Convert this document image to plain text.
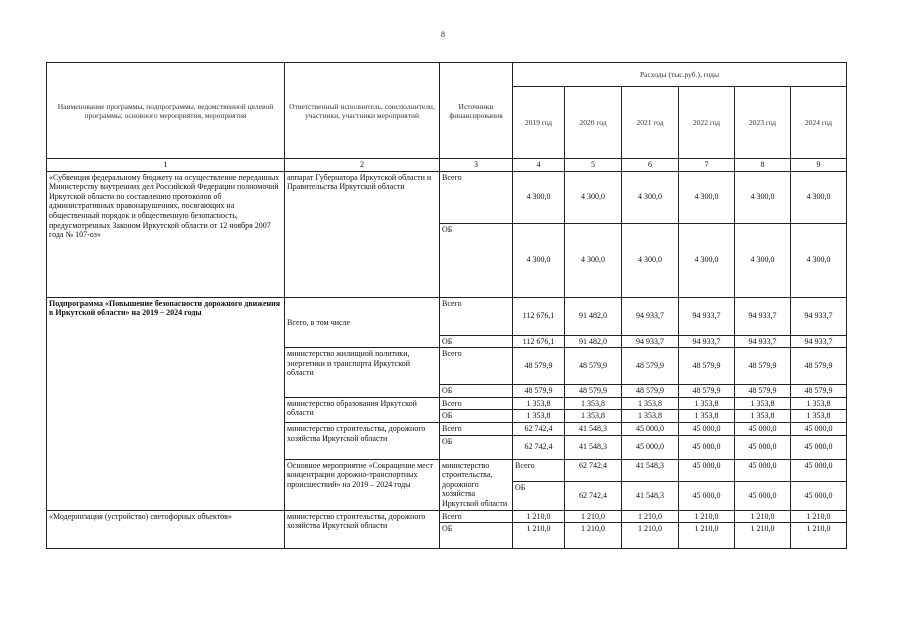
8
Наименование программы, подпрограммы, ведомственной целевой программы, основного мероприятия, мероприятия	Ответственный исполнитель, соисполнители, участники, участники мероприятий	Источники финансирования	Расходы (тыс.руб.), годы						
			2019 год	2020 год	2021 год	2022 год	2023 год	2024 год	
1	2	3	4	5	6	7	8	9	
«Субвенция федеральному бюджету на осуществление переданных Министерству внутренних дел Российской Федерации полномочий Иркутской области по составлению протоколов об административных правонарушениях, посягающих на общественный порядок и общественную безопасность, предусмотренных Законом Иркутской области от 12 ноября 2007 года № 107-оз»	аппарат Губернатора Иркутской области и Правительства Иркутской области	Всего	4 300,0	4 300,0	4 300,0	4 300,0	4 300,0	4 300,0	
		ОБ	4 300,0	4 300,0	4 300,0	4 300,0	4 300,0	4 300,0	
Подпрограмма «Повышение безопасности дорожного движения в Иркутской области» на 2019 – 2024 годы	Всего, в том числе	Всего	112 676,1	91 482,0	94 933,7	94 933,7	94 933,7	94 933,7	
		ОБ	112 676,1	91 482,0	94 933,7	94 933,7	94 933,7	94 933,7	
	министерство жилищной политики, энергетики и транспорта Иркутской области	Всего	48 579,9	48 579,9	48 579,9	48 579,9	48 579,9	48 579,9	
		ОБ	48 579,9	48 579,9	48 579,9	48 579,9	48 579,9	48 579,9	
	министерство образования Иркутской области	Всего	1 353,8	1 353,8	1 353,8	1 353,8	1 353,8	1 353,8	
		ОБ	1 353,8	1 353,8	1 353,8	1 353,8	1 353,8	1 353,8	
	министерство строительства, дорожного хозяйства Иркутской области	Всего	62 742,4	41 548,3	45 000,0	45 000,0	45 000,0	45 000,0	
		ОБ	62 742,4	41 548,3	45 000,0	45 000,0	45 000,0	45 000,0	
	Основное мероприятие «Сокращение мест концентрации дорожно-транспортных происшествий» на 2019 – 2024 годы	министерство строительства, дорожного хозяйства Иркутской области	Всего	62 742,4	41 548,3	45 000,0	45 000,0	45 000,0	
			ОБ	62 742,4	41 548,3	45 000,0	45 000,0	45 000,0	
«Модернизация (устройство) светофорных объектов»	министерство строительства, дорожного хозяйства Иркутской области	Всего	1 210,0	1 210,0	1 210,0	1 210,0	1 210,0	1 210,0	
		ОБ	1 210,0	1 210,0	1 210,0	1 210,0	1 210,0	1 210,0	
